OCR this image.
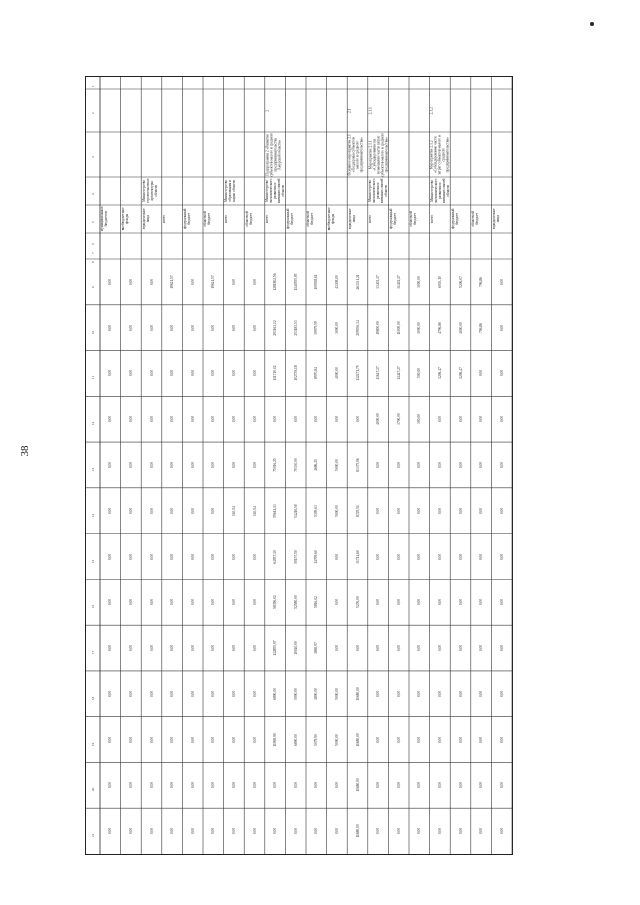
38
1
2
3
4
5
6
7
8
9
10
11
12
13
14
15
16
17
18
19
20
21
муниципальных бюджетов
0,00
0,00
0,00
0,00
0,00
0,00
0,00
0,00
0,00
0,00
0,00
0,00
0,00
внебюджетные фонды
0,00
0,00
0,00
0,00
0,00
0,00
0,00
0,00
0,00
0,00
0,00
0,00
0,00
Министерство строительства и архитектуры области
юридические лица
0,00
0,00
0,00
0,00
0,00
0,00
0,00
0,00
0,00
0,00
0,00
0,00
0,00
всего
19621,57
0,00
0,00
0,00
0,00
0,00
0,00
0,00
0,00
0,00
0,00
0,00
0,00
федеральный бюджет
0,00
0,00
0,00
0,00
0,00
0,00
0,00
0,00
0,00
0,00
0,00
0,00
0,00
областной бюджет
19621,57
0,00
0,00
0,00
0,00
0,00
0,00
0,00
0,00
0,00
0,00
0,00
0,00
Министерство образования и науки области
всего
0,00
0,00
0,00
0,00
0,00
163,54
0,00
0,00
0,00
0,00
0,00
0,00
0,00
областной бюджет
0,00
0,00
0,00
0,00
0,00
163,54
0,00
0,00
0,00
0,00
0,00
0,00
0,00
2
Подпрограмма 2 «Развитие субъектов малого и среднего предпринимательства Амурской области»
Министерство экономического развития и внешних связей области
всего
1281802,56
293163,12
111710,02
0,00
75016,25
59612,13
64957,10
58396,02
112855,97
6890,00
11969,90
0,00
0,00
федеральный бюджет
1140555,95
253183,53
102739,18
0,00
70330,00
54216,50
50157,50
52580,00
10040,00
5090,00
6890,00
0,00
0,00
областной бюджет
100938,61
39979,59
8970,84
0,00
4686,25
5395,63
14799,60
5816,02
1865,97
1800,00
5079,90
0,00
0,00
внебюджетные фонды
43308,00
3000,00
4000,00
0,00
5000,00
5000,00
0,00
0,00
0,00
5000,00
5000,00
0,00
0,00
2.1
Основное мероприятие 2.1 «Поддержка субъектов малого и среднего предпринимательства»
юридические лица
463331,21
209936,34
112271,75
0,00
83375,06
8725,51
31714,60
5276,00
0,00
11680,00
11680,00
11680,00
11680,00
2.1.1
Мероприятие 2.1.1 «Субсидирование на возмещение части затрат субъектов малого и среднего предпринимательства»
Министерство экономического развития и внешних связей области
всего
33402,17
19800,00
13647,27
4000,00
0,00
0,00
0,00
0,00
0,00
0,00
0,00
0,00
0,00
федеральный бюджет
31402,17
11000,00
14447,27
3700,00
0,00
0,00
0,00
0,00
0,00
0,00
0,00
0,00
0,00
областной бюджет
3000,00
1000,00
500,00
300,00
0,00
0,00
0,00
0,00
0,00
0,00
0,00
0,00
0,00
2.1.2
Мероприятие 2.1.2 «Субсидирование части затрат субъектов малого и среднего предпринимательства»
Министерство экономического развития и внешних связей области
всего
6003,10
4796,86
1206,47
0,00
0,00
0,00
0,00
0,00
0,00
0,00
0,00
0,00
0,00
федеральный бюджет
5206,07
4000,00
1206,47
0,00
0,00
0,00
0,00
0,00
0,00
0,00
0,00
0,00
0,00
областной бюджет
796,86
796,86
0,00
0,00
0,00
0,00
0,00
0,00
0,00
0,00
0,00
0,00
0,00
юридические лица
0,00
0,00
0,00
0,00
0,00
0,00
0,00
0,00
0,00
0,00
0,00
0,00
0,00
